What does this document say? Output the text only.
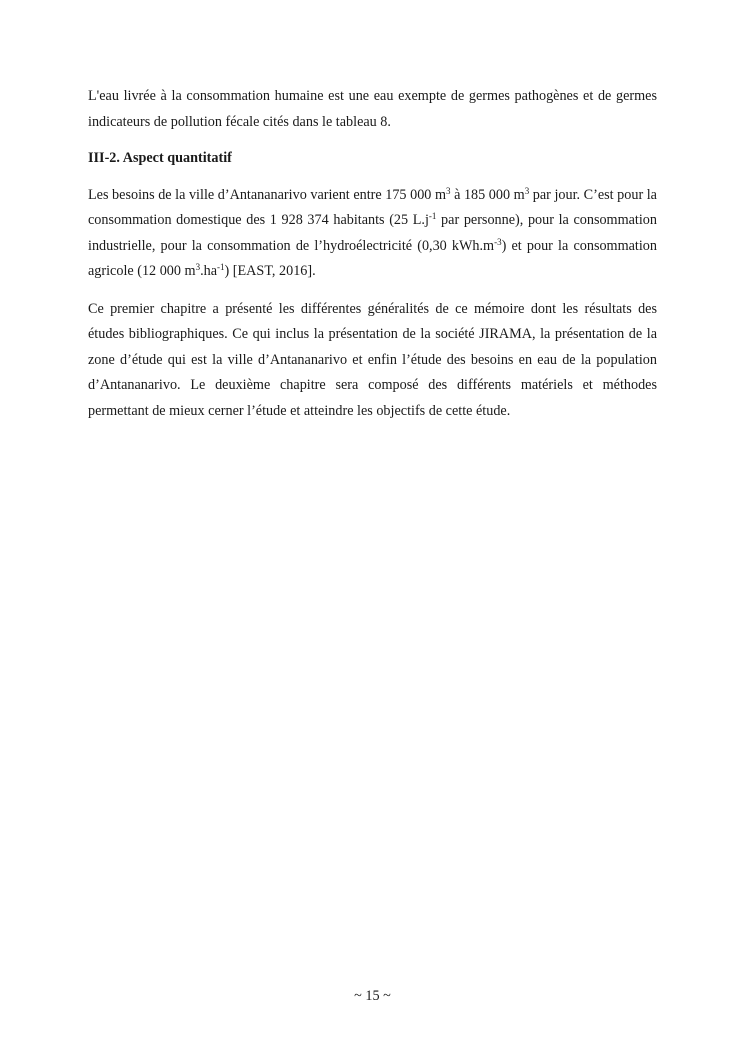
L'eau livrée à la consommation humaine est une eau exempte de germes pathogènes et de germes indicateurs de pollution fécale cités dans le tableau 8.

III-2. Aspect quantitatif

Les besoins de la ville d’Antananarivo varient entre 175 000 $m^3$ à 185 000 $m^3$ par jour. C’est pour la consommation domestique des 1 928 374 habitants (25 $L.j^{-1}$ par personne), pour la consommation industrielle, pour la consommation de l’hydroélectricité (0,30 $kWh.m^{-3}$) et pour la consommation agricole (12 000 $m^3.ha^{-1}$) [EAST, 2016].

Ce premier chapitre a présenté les différentes généralités de ce mémoire dont les résultats des études bibliographiques. Ce qui inclus la présentation de la société JIRAMA, la présentation de la zone d’étude qui est la ville d’Antananarivo et enfin l’étude des besoins en eau de la population d’Antananarivo. Le deuxième chapitre sera composé des différents matériels et méthodes permettant de mieux cerner l’étude et atteindre les objectifs de cette étude.

~ 15 ~
